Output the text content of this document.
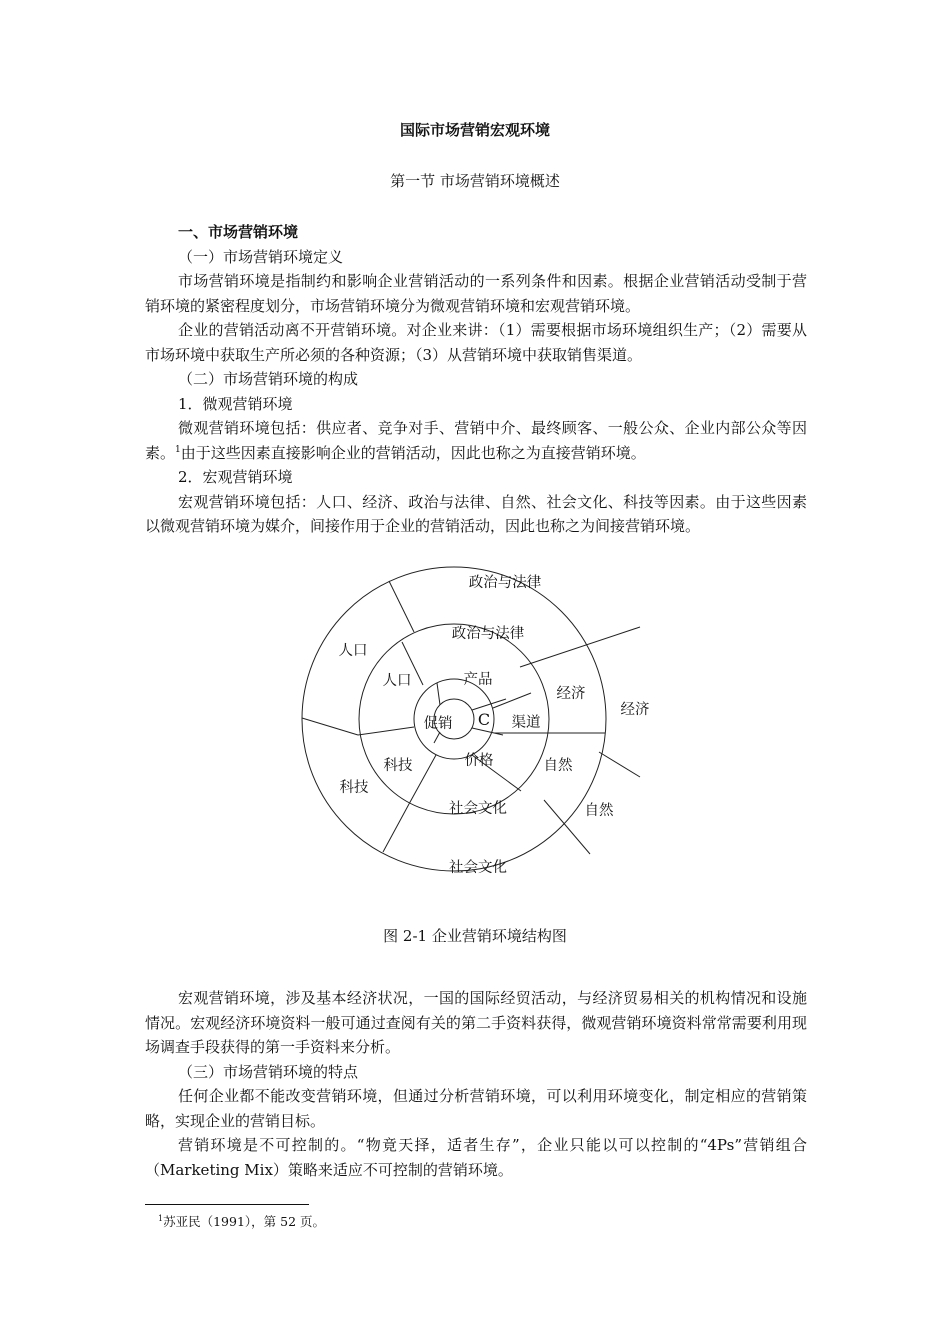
国际市场营销宏观环境
第一节 市场营销环境概述

一、市场营销环境

（一）市场营销环境定义

市场营销环境是指制约和影响企业营销活动的一系列条件和因素。根据企业营销活动受制于营销环境的紧密程度划分，市场营销环境分为微观营销环境和宏观营销环境。

企业的营销活动离不开营销环境。对企业来讲：（1）需要根据市场环境组织生产；（2）需要从市场环境中获取生产所必须的各种资源；（3）从营销环境中获取销售渠道。

（二）市场营销环境的构成

1．微观营销环境

微观营销环境包括：供应者、竞争对手、营销中介、最终顾客、一般公众、企业内部公众等因素。$^1$由于这些因素直接影响企业的营销活动，因此也称之为直接营销环境。

2．宏观营销环境

宏观营销环境包括：人口、经济、政治与法律、自然、社会文化、科技等因素。由于这些因素以微观营销环境为媒介，间接作用于企业的营销活动，因此也称之为间接营销环境。

C
产品
渠道
价格
促销
政治与法律
经济
自然
社会文化
科技
人口
政治与法律
经济
自然
社会文化
科技
人口
图 2-1 企业营销环境结构图

宏观营销环境，涉及基本经济状况，一国的国际经贸活动，与经济贸易相关的机构情况和设施情况。宏观经济环境资料一般可通过查阅有关的第二手资料获得，微观营销环境资料常常需要利用现场调查手段获得的第一手资料来分析。

（三）市场营销环境的特点

任何企业都不能改变营销环境，但通过分析营销环境，可以利用环境变化，制定相应的营销策略，实现企业的营销目标。

营销环境是不可控制的。“物竟天择，适者生存”，企业只能以可以控制的“4Ps”营销组合（Marketing Mix）策略来适应不可控制的营销环境。

$^1$苏亚民（1991），第 52 页。
